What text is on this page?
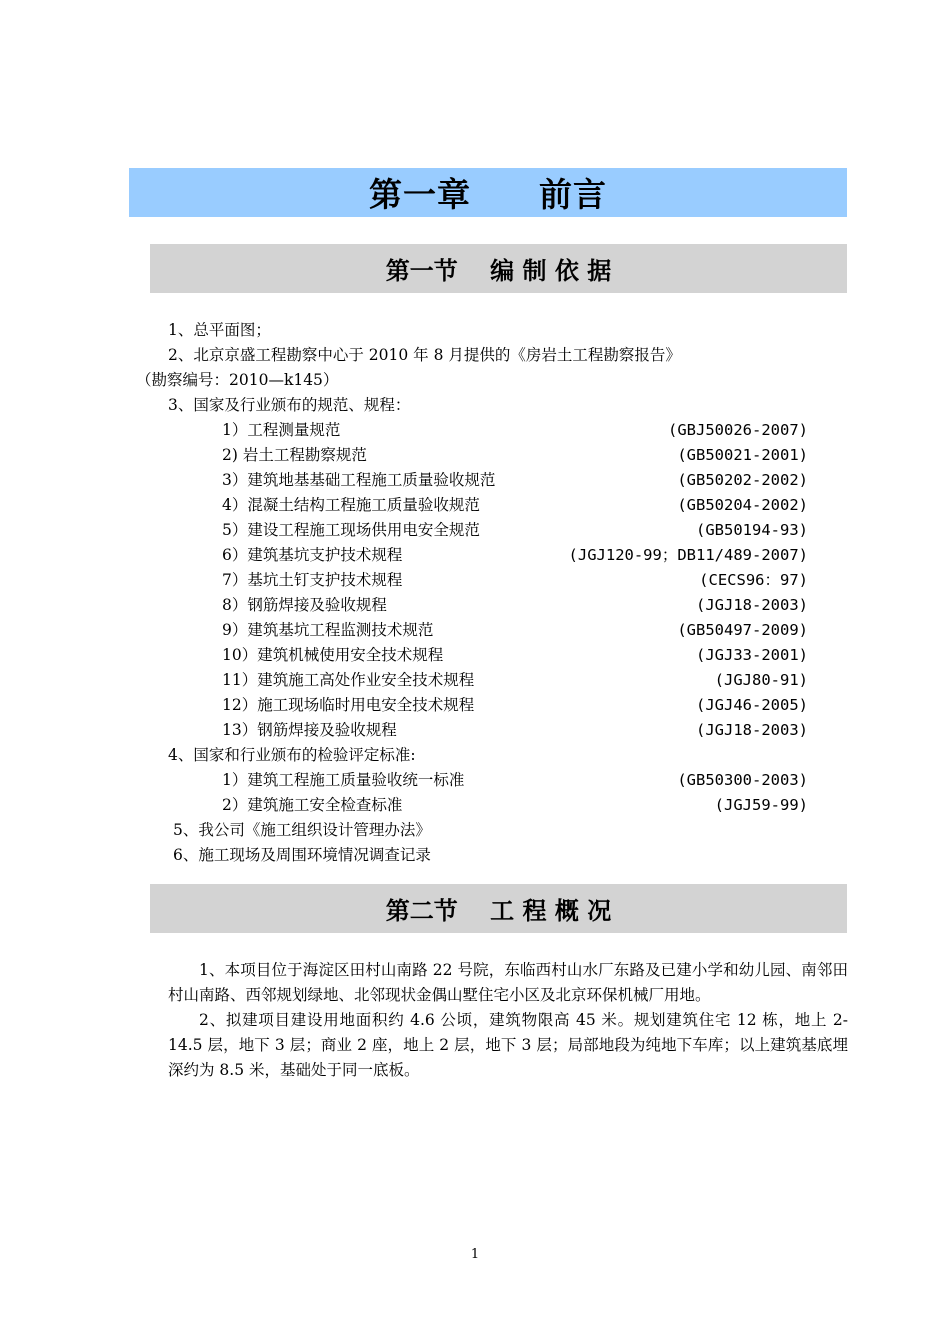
第一章　　前言
第一节　 编 制 依 据
1、总平面图；
2、北京京盛工程勘察中心于 2010 年 8 月提供的《房岩土工程勘察报告》
（勘察编号：2010—k145）
3、国家及行业颁布的规范、规程：
1）工程测量规范	(GBJ50026-2007)
2) 岩土工程勘察规范	(GB50021-2001)
3）建筑地基基础工程施工质量验收规范	(GB50202-2002)
4）混凝土结构工程施工质量验收规范	(GB50204-2002)
5）建设工程施工现场供用电安全规范	(GB50194-93)
6）建筑基坑支护技术规程	(JGJ120-99；DB11/489-2007)
7）基坑土钉支护技术规程	(CECS96：97)
8）钢筋焊接及验收规程	(JGJ18-2003)
9）建筑基坑工程监测技术规范	(GB50497-2009)
10）建筑机械使用安全技术规程	(JGJ33-2001)
11）建筑施工高处作业安全技术规程	(JGJ80-91)
12）施工现场临时用电安全技术规程	(JGJ46-2005)
13）钢筋焊接及验收规程	(JGJ18-2003)
4、国家和行业颁布的检验评定标准:
1）建筑工程施工质量验收统一标准	(GB50300-2003)
2）建筑施工安全检查标准	(JGJ59-99)
5、我公司《施工组织设计管理办法》
6、施工现场及周围环境情况调查记录
第二节　 工 程 概 况

1、本项目位于海淀区田村山南路 22 号院，东临西村山水厂东路及已建小学和幼儿园、南邻田村山南路、西邻规划绿地、北邻现状金偶山墅住宅小区及北京环保机械厂用地。

2、拟建项目建设用地面积约 4.6 公顷，建筑物限高 45 米。规划建筑住宅 12 栋，地上 2-14.5 层，地下 3 层；商业 2 座，地上 2 层，地下 3 层；局部地段为纯地下车库；以上建筑基底埋深约为 8.5 米，基础处于同一底板。

1
